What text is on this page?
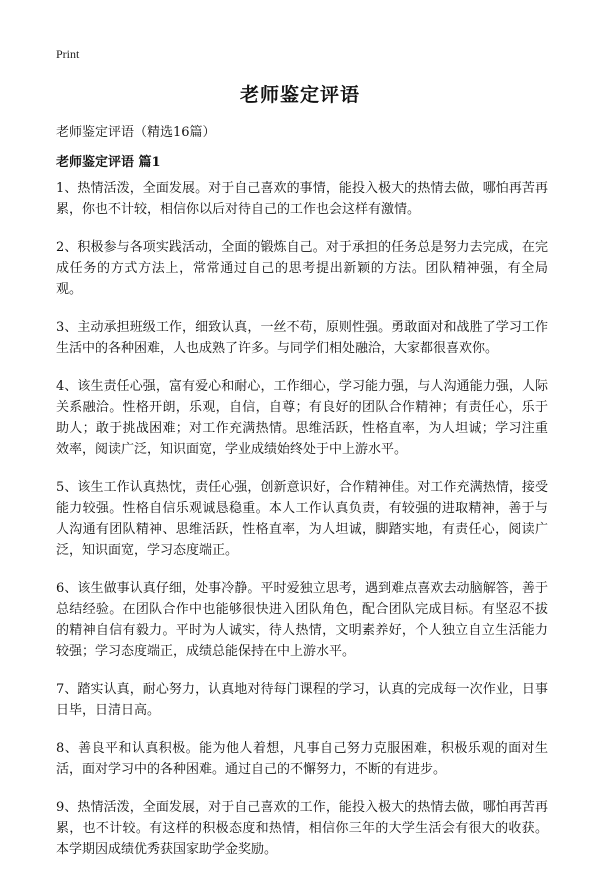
Print
老师鉴定评语

老师鉴定评语（精选16篇）

老师鉴定评语 篇1

1、热情活泼，全面发展。对于自己喜欢的事情，能投入极大的热情去做，哪怕再苦再累，你也不计较，相信你以后对待自己的工作也会这样有激情。

2、积极参与各项实践活动，全面的锻炼自己。对于承担的任务总是努力去完成，在完成任务的方式方法上，常常通过自己的思考提出新颖的方法。团队精神强，有全局观。

3、主动承担班级工作，细致认真，一丝不苟，原则性强。勇敢面对和战胜了学习工作生活中的各种困难，人也成熟了许多。与同学们相处融洽，大家都很喜欢你。

4、该生责任心强，富有爱心和耐心，工作细心，学习能力强，与人沟通能力强，人际关系融洽。性格开朗，乐观，自信，自尊；有良好的团队合作精神；有责任心，乐于助人；敢于挑战困难；对工作充满热情。思维活跃，性格直率，为人坦诚；学习注重效率，阅读广泛，知识面宽，学业成绩始终处于中上游水平。

5、该生工作认真热忱，责任心强，创新意识好，合作精神佳。对工作充满热情，接受能力较强。性格自信乐观诚恳稳重。本人工作认真负责，有较强的进取精神，善于与人沟通有团队精神、思维活跃，性格直率，为人坦诚，脚踏实地，有责任心，阅读广泛，知识面宽，学习态度端正。

6、该生做事认真仔细，处事冷静。平时爱独立思考，遇到难点喜欢去动脑解答，善于总结经验。在团队合作中也能够很快进入团队角色，配合团队完成目标。有坚忍不拔的精神自信有毅力。平时为人诚实，待人热情，文明素养好，个人独立自立生活能力较强；学习态度端正，成绩总能保持在中上游水平。

7、踏实认真，耐心努力，认真地对待每门课程的学习，认真的完成每一次作业，日事日毕，日清日高。

8、善良平和认真积极。能为他人着想，凡事自己努力克服困难，积极乐观的面对生活，面对学习中的各种困难。通过自己的不懈努力，不断的有进步。

9、热情活泼，全面发展，对于自己喜欢的工作，能投入极大的热情去做，哪怕再苦再累，也不计较。有这样的积极态度和热情，相信你三年的大学生活会有很大的收获。本学期因成绩优秀获国家助学金奖励。
